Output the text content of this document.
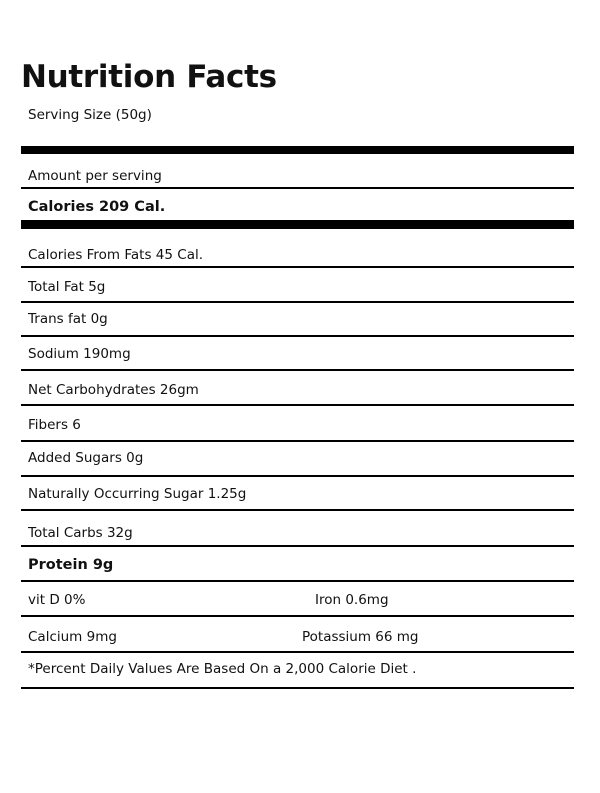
Nutrition Facts
Serving Size (50g)
Amount per serving
Calories 209 Cal.
Calories From Fats 45 Cal.
Total Fat 5g
Trans fat 0g
Sodium 190mg
Net Carbohydrates 26gm
Fibers 6
Added Sugars 0g
Naturally Occurring Sugar 1.25g
Total Carbs 32g
Protein 9g
vit D 0%	Iron 0.6mg
Calcium 9mg	Potassium 66 mg
*Percent Daily Values Are Based On a 2,000 Calorie Diet .
